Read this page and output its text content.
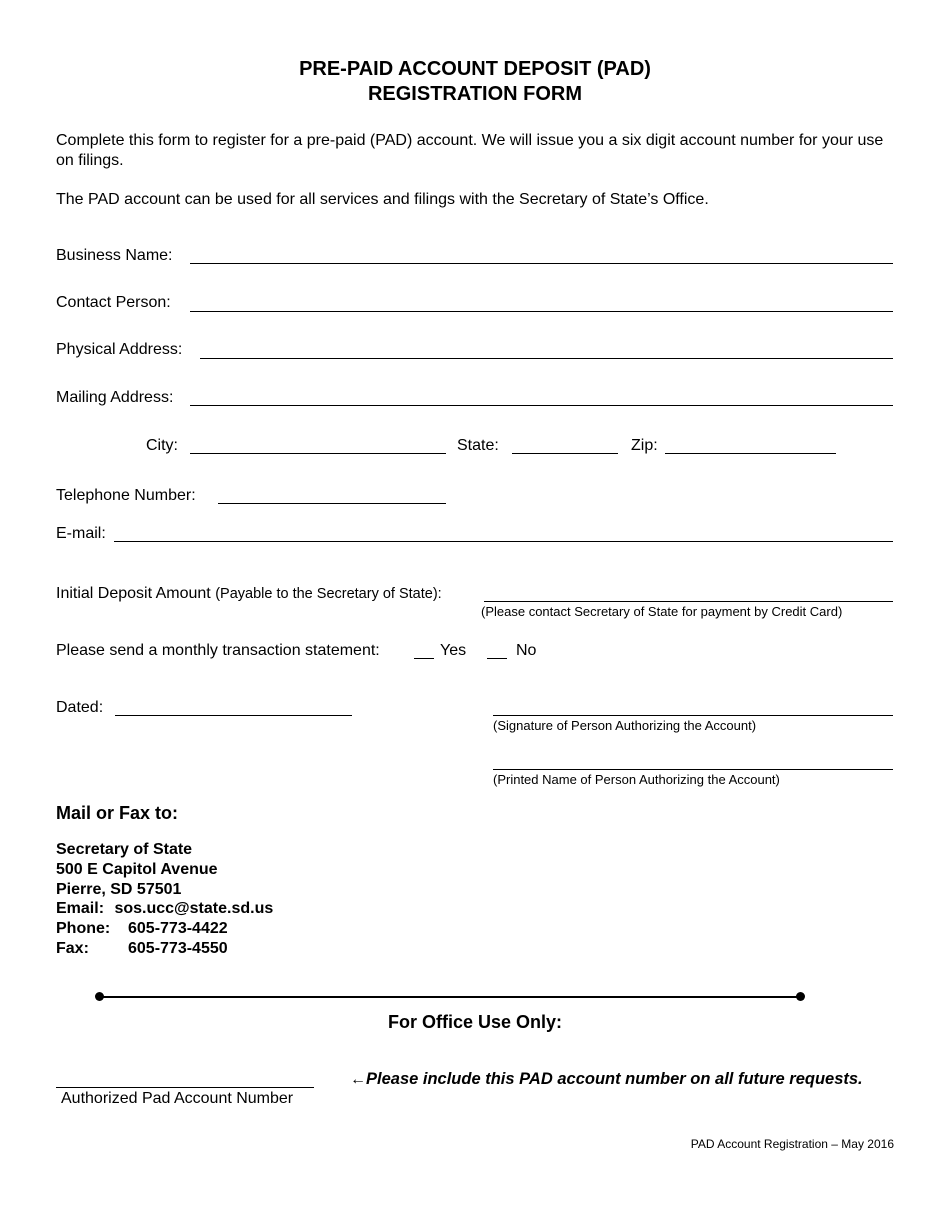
PRE-PAID ACCOUNT DEPOSIT (PAD)
REGISTRATION FORM
Complete this form to register for a pre-paid (PAD) account. We will issue you a six digit account number for your use on filings.
The PAD account can be used for all services and filings with the Secretary of State’s Office.
Business Name:
Contact Person:
Physical Address:
Mailing Address:
City:	State:	Zip:
Telephone Number:
E-mail:
Initial Deposit Amount (Payable to the Secretary of State):
(Please contact Secretary of State for payment by Credit Card)
Please send a monthly transaction statement:	Yes	No
Dated:
(Signature of Person Authorizing the Account)
(Printed Name of Person Authorizing the Account)
Mail or Fax to:
Secretary of State
500 E Capitol Avenue
Pierre, SD 57501
Email: sos.ucc@state.sd.us
Phone: 605-773-4422
Fax: 605-773-4550
For Office Use Only:
Authorized Pad Account Number
←Please include this PAD account number on all future requests.
PAD Account Registration – May 2016
